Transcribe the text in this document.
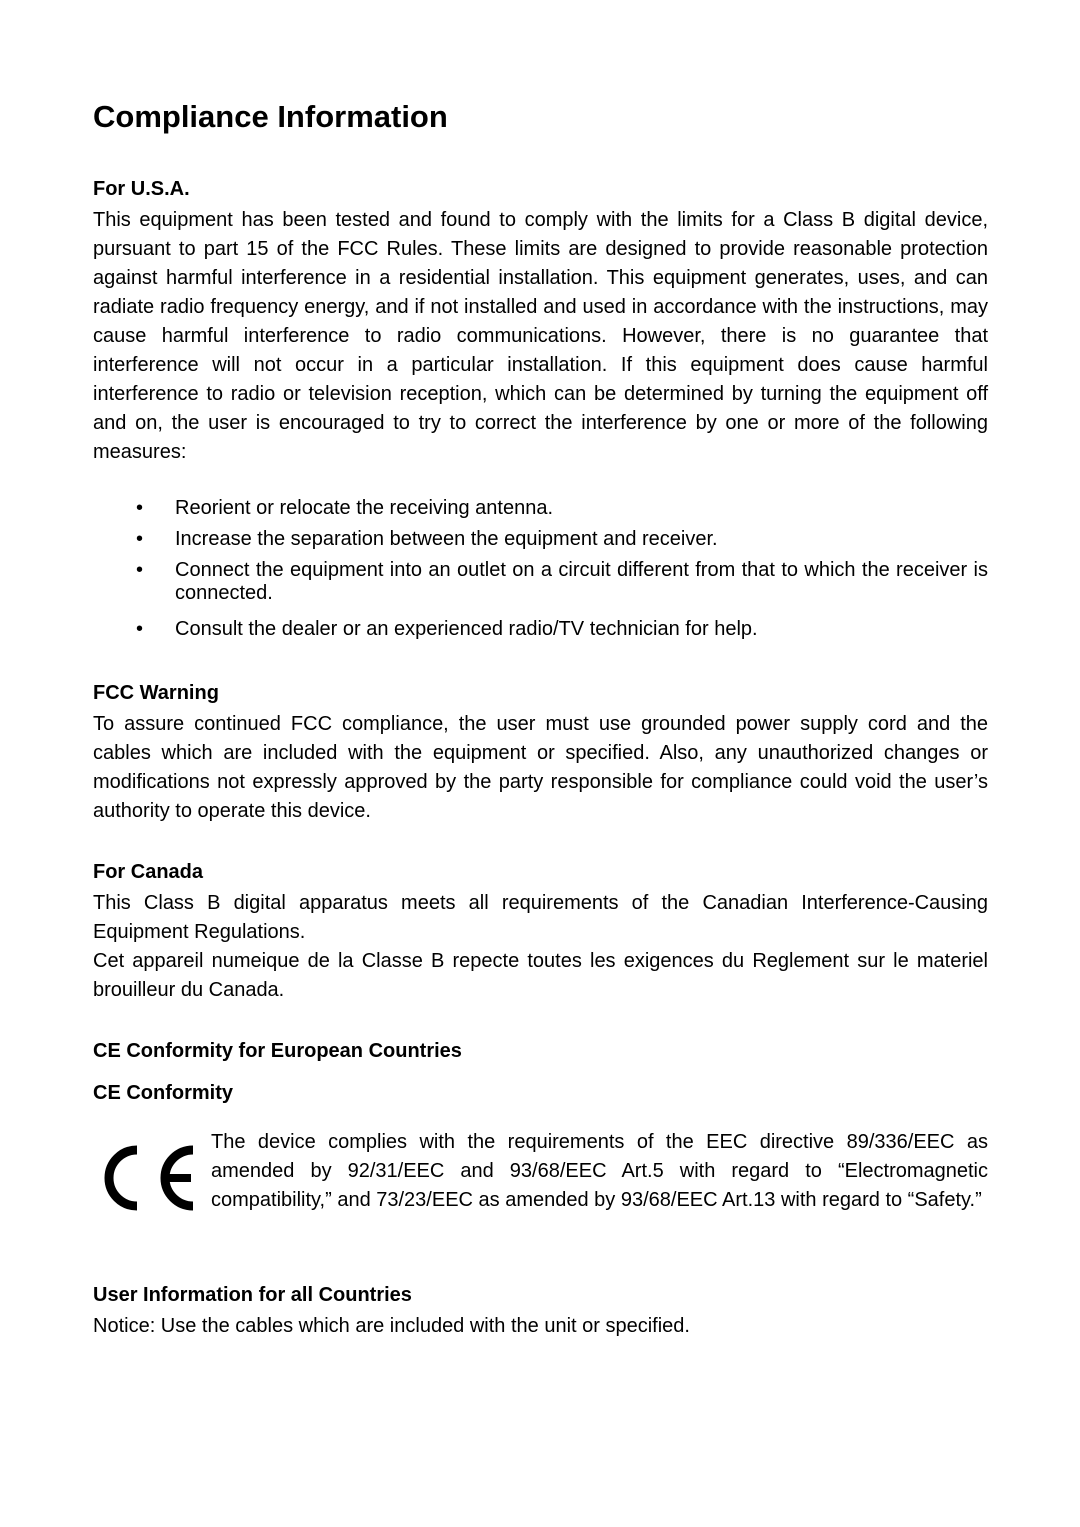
Compliance Information
For U.S.A.

This equipment has been tested and found to comply with the limits for a Class B digital device, pursuant to part 15 of the FCC Rules. These limits are designed to provide reasonable protection against harmful interference in a residential installation. This equipment generates, uses, and can radiate radio frequency energy, and if not installed and used in accordance with the instructions, may cause harmful interference to radio communications. However, there is no guarantee that interference will not occur in a particular installation. If this equipment does cause harmful interference to radio or television reception, which can be determined by turning the equipment off and on, the user is encouraged to try to correct the interference by one or more of the following measures:

• Reorient or relocate the receiving antenna.
• Increase the separation between the equipment and receiver.
• Connect the equipment into an outlet on a circuit different from that to which the receiver is connected.
• Consult the dealer or an experienced radio/TV technician for help.
FCC Warning

To assure continued FCC compliance, the user must use grounded power supply cord and the cables which are included with the equipment or specified. Also, any unauthorized changes or modifications not expressly approved by the party responsible for compliance could void the user’s authority to operate this device.

For Canada

This Class B digital apparatus meets all requirements of the Canadian Interference-Causing Equipment Regulations.

Cet appareil numeique de la Classe B repecte toutes les exigences du Reglement sur le materiel brouilleur du Canada.

CE Conformity for European Countries
CE Conformity

The device complies with the requirements of the EEC directive 89/336/EEC as amended by 92/31/EEC and 93/68/EEC Art.5 with regard to “Electromagnetic compatibility,” and 73/23/EEC as amended by 93/68/EEC Art.13 with regard to “Safety.”

User Information for all Countries

Notice: Use the cables which are included with the unit or specified.
